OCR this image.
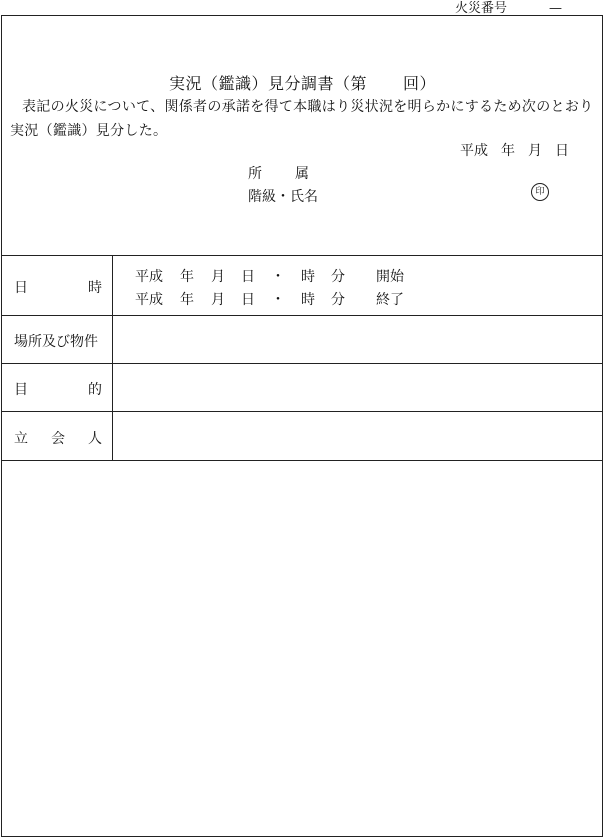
火災番号	—
実況（鑑識）見分調書（第 回）
表記の火災について、関係者の承諾を得て本職はり災状況を明らかにするため次のとおり実況（鑑識）見分した。
平成 年 月 日
所 属
階級・氏名	印
日	時
平成 年 月 日 ・ 時 分 開始
平成 年 月 日 ・ 時 分 終了
場所及び物件
目	的
立 会 人
